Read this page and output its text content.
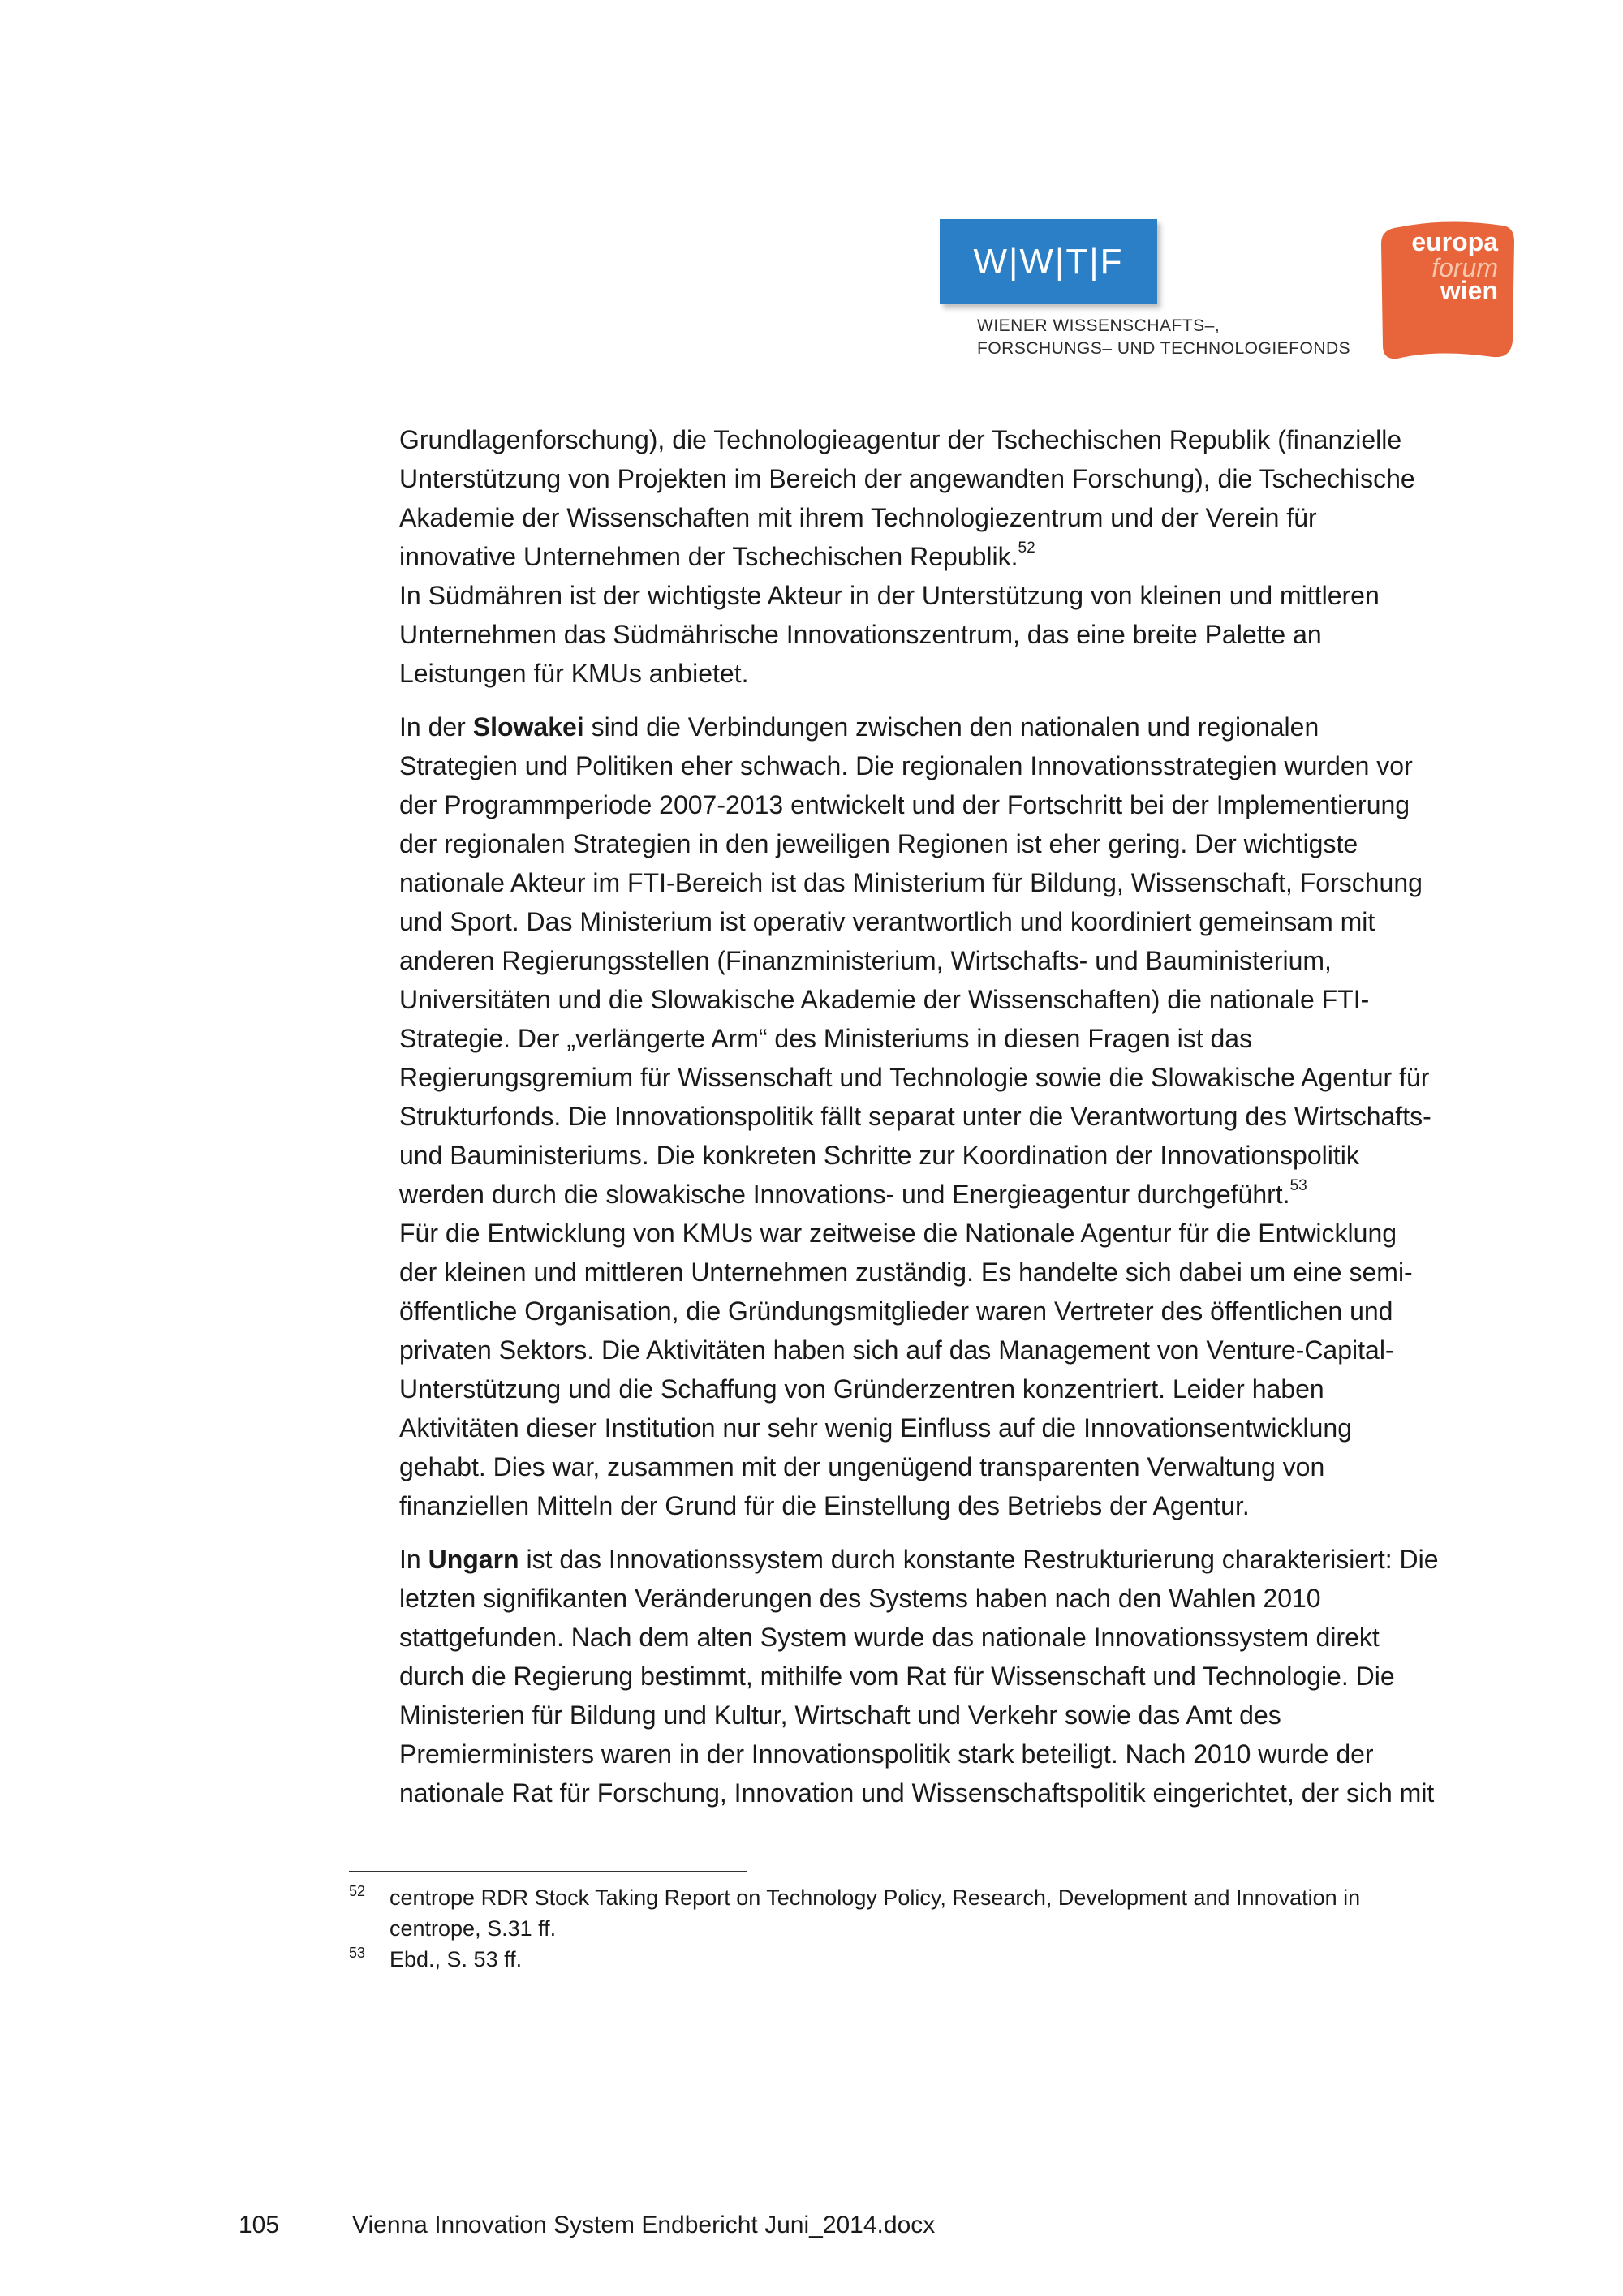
W|W|T|F
WIENER WISSENSCHAFTS–,
FORSCHUNGS– UND TECHNOLOGIEFONDS
europa
forum
wien

Grundlagenforschung), die Technologieagentur der Tschechischen Republik (finanzielle
Unterstützung von Projekten im Bereich der angewandten Forschung), die Tschechische
Akademie der Wissenschaften mit ihrem Technologiezentrum und der Verein für
innovative Unternehmen der Tschechischen Republik.$^{52}$

In Südmähren ist der wichtigste Akteur in der Unterstützung von kleinen und mittleren
Unternehmen das Südmährische Innovationszentrum, das eine breite Palette an
Leistungen für KMUs anbietet.

In der Slowakei sind die Verbindungen zwischen den nationalen und regionalen
Strategien und Politiken eher schwach. Die regionalen Innovationsstrategien wurden vor
der Programmperiode 2007-2013 entwickelt und der Fortschritt bei der Implementierung
der regionalen Strategien in den jeweiligen Regionen ist eher gering. Der wichtigste
nationale Akteur im FTI-Bereich ist das Ministerium für Bildung, Wissenschaft, Forschung
und Sport. Das Ministerium ist operativ verantwortlich und koordiniert gemeinsam mit
anderen Regierungsstellen (Finanzministerium, Wirtschafts- und Bauministerium,
Universitäten und die Slowakische Akademie der Wissenschaften) die nationale FTI-
Strategie. Der „verlängerte Arm“ des Ministeriums in diesen Fragen ist das
Regierungsgremium für Wissenschaft und Technologie sowie die Slowakische Agentur für
Strukturfonds. Die Innovationspolitik fällt separat unter die Verantwortung des Wirtschafts-
und Bauministeriums. Die konkreten Schritte zur Koordination der Innovationspolitik
werden durch die slowakische Innovations- und Energieagentur durchgeführt.$^{53}$

Für die Entwicklung von KMUs war zeitweise die Nationale Agentur für die Entwicklung
der kleinen und mittleren Unternehmen zuständig. Es handelte sich dabei um eine semi-
öffentliche Organisation, die Gründungsmitglieder waren Vertreter des öffentlichen und
privaten Sektors. Die Aktivitäten haben sich auf das Management von Venture-Capital-
Unterstützung und die Schaffung von Gründerzentren konzentriert. Leider haben
Aktivitäten dieser Institution nur sehr wenig Einfluss auf die Innovationsentwicklung
gehabt. Dies war, zusammen mit der ungenügend transparenten Verwaltung von
finanziellen Mitteln der Grund für die Einstellung des Betriebs der Agentur.

In Ungarn ist das Innovationssystem durch konstante Restrukturierung charakterisiert: Die
letzten signifikanten Veränderungen des Systems haben nach den Wahlen 2010
stattgefunden. Nach dem alten System wurde das nationale Innovationssystem direkt
durch die Regierung bestimmt, mithilfe vom Rat für Wissenschaft und Technologie. Die
Ministerien für Bildung und Kultur, Wirtschaft und Verkehr sowie das Amt des
Premierministers waren in der Innovationspolitik stark beteiligt. Nach 2010 wurde der
nationale Rat für Forschung, Innovation und Wissenschaftspolitik eingerichtet, der sich mit

52 centrope RDR Stock Taking Report on Technology Policy, Research, Development and Innovation in
centrope, S.31 ff.
53 Ebd., S. 53 ff.
105	Vienna Innovation System Endbericht Juni_2014.docx
